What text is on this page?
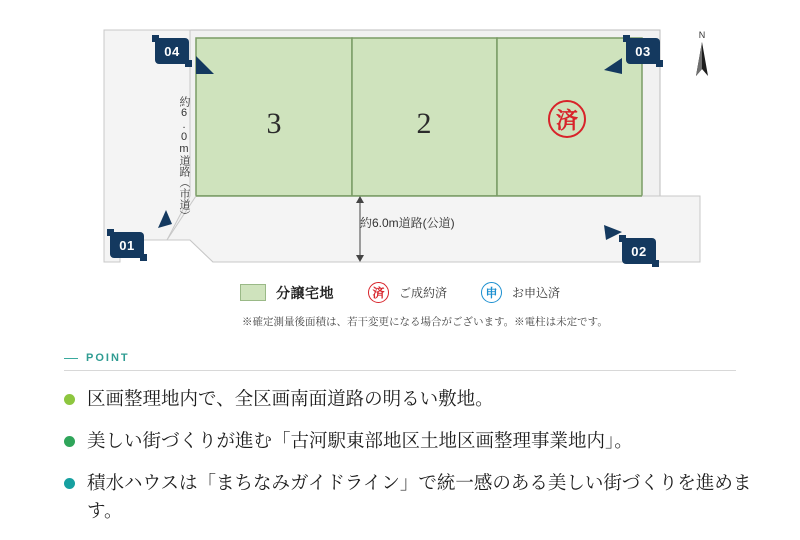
3	2
01	02
03
04
約6.0m道路（市道）
約6.0m道路(公道)
済
N
分譲宅地	済	ご成約済	申	お申込済
※確定測量後面積は、若干変更になる場合がございます。※電柱は未定です。
POINT
区画整理地内で、全区画南面道路の明るい敷地。
美しい街づくりが進む「古河駅東部地区土地区画整理事業地内」。
積水ハウスは「まちなみガイドライン」で統一感のある美しい街づくりを進めます。
